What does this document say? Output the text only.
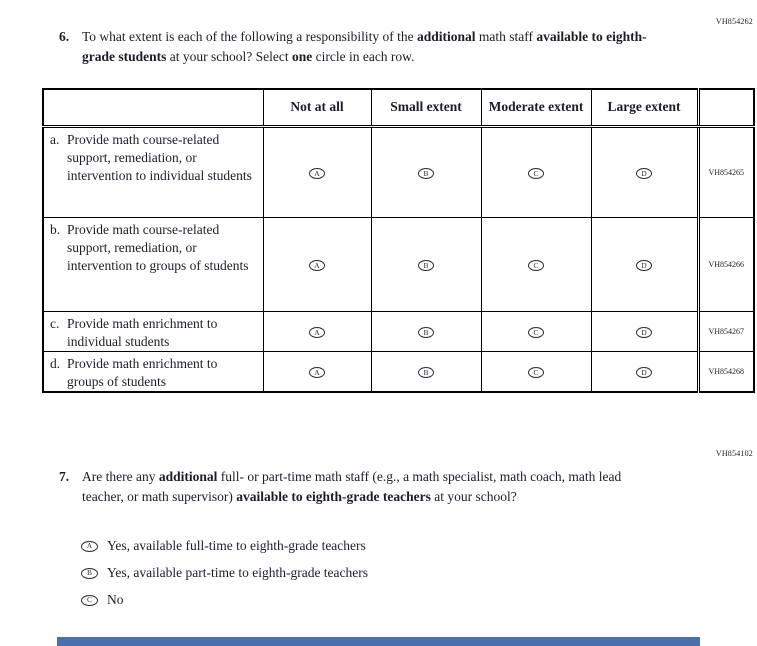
VH854262
6. To what extent is each of the following a responsibility of the additional math staff available to eighth-grade students at your school? Select one circle in each row.
	Not at all	Small extent	Moderate extent	Large extent	
a. Provide math course-related support, remediation, or intervention to individual students	A	B	C	D	VH854265
b. Provide math course-related support, remediation, or intervention to groups of students	A	B	C	D	VH854266
c. Provide math enrichment to individual students	A	B	C	D	VH854267
d. Provide math enrichment to groups of students	A	B	C	D	VH854268
VH854102
7. Are there any additional full- or part-time math staff (e.g., a math specialist, math coach, math lead teacher, or math supervisor) available to eighth-grade teachers at your school?
A	Yes, available full-time to eighth-grade teachers
B	Yes, available part-time to eighth-grade teachers
C	No
